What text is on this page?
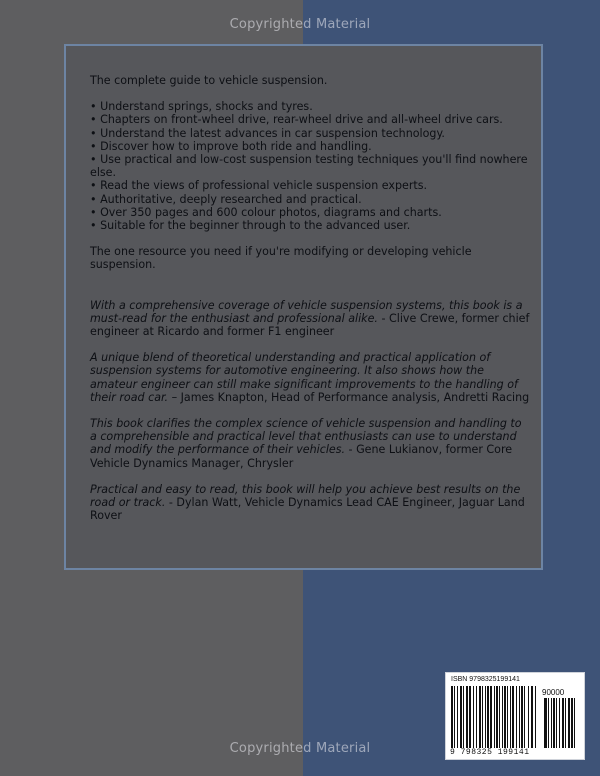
Copyrighted Material

The complete guide to vehicle suspension.

• Understand springs, shocks and tyres.
• Chapters on front-wheel drive, rear-wheel drive and all-wheel drive cars.
• Understand the latest advances in car suspension technology.
• Discover how to improve both ride and handling.
• Use practical and low-cost suspension testing techniques you'll find nowhere else.
• Read the views of professional vehicle suspension experts.
• Authoritative, deeply researched and practical.
• Over 350 pages and 600 colour photos, diagrams and charts.
• Suitable for the beginner through to the advanced user.

The one resource you need if you're modifying or developing vehicle suspension.

With a comprehensive coverage of vehicle suspension systems, this book is a must-read for the enthusiast and professional alike. - Clive Crewe, former chief engineer at Ricardo and former F1 engineer

A unique blend of theoretical understanding and practical application of suspension systems for automotive engineering. It also shows how the amateur engineer can still make significant improvements to the handling of their road car. – James Knapton, Head of Performance analysis, Andretti Racing

This book clarifies the complex science of vehicle suspension and handling to a comprehensible and practical level that enthusiasts can use to understand and modify the performance of their vehicles. - Gene Lukianov, former Core Vehicle Dynamics Manager, Chrysler

Practical and easy to read, this book will help you achieve best results on the road or track. - Dylan Watt, Vehicle Dynamics Lead CAE Engineer, Jaguar Land Rover

ISBN 9798325199141
90000
9 798325 199141
Copyrighted Material
